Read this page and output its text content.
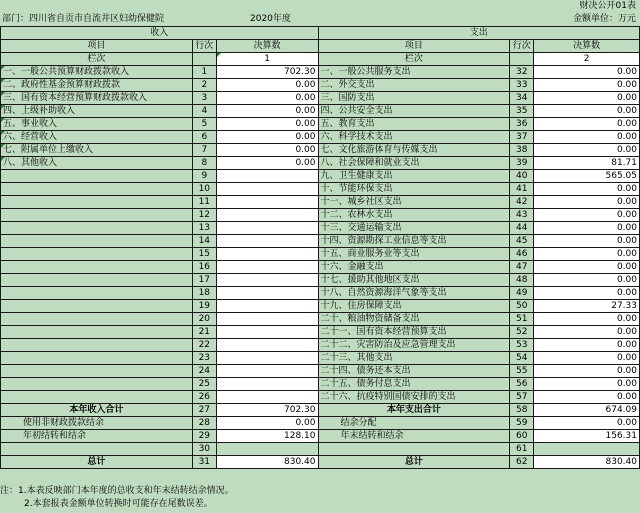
财决公开01表
部门：四川省自贡市自流井区妇幼保健院	2020年度	金额单位：万元
收入			支出		
项目	行次	决算数	项目	行次	决算数
栏次		1	栏次		2
一、一般公共预算财政拨款收入	1	702.30	一、一般公共服务支出	32	0.00
二、政府性基金预算财政拨款	2	0.00	二、外交支出	33	0.00
三、国有资本经营预算财政拨款收入	3	0.00	三、国防支出	34	0.00
四、上级补助收入	4	0.00	四、公共安全支出	35	0.00
五、事业收入	5	0.00	五、教育支出	36	0.00
六、经营收入	6	0.00	六、科学技术支出	37	0.00
七、附属单位上缴收入	7	0.00	七、文化旅游体育与传媒支出	38	0.00
八、其他收入	8	0.00	八、社会保障和就业支出	39	81.71
	9		九、卫生健康支出	40	565.05
	10		十、节能环保支出	41	0.00
	11		十一、城乡社区支出	42	0.00
	12		十二、农林水支出	43	0.00
	13		十三、交通运输支出	44	0.00
	14		十四、资源勘探工业信息等支出	45	0.00
	15		十五、商业服务业等支出	46	0.00
	16		十六、金融支出	47	0.00
	17		十七、援助其他地区支出	48	0.00
	18		十八、自然资源海洋气象等支出	49	0.00
	19		十九、住房保障支出	50	27.33
	20		二十、粮油物资储备支出	51	0.00
	21		二十一、国有资本经营预算支出	52	0.00
	22		二十二、灾害防治及应急管理支出	53	0.00
	23		二十三、其他支出	54	0.00
	24		二十四、债务还本支出	55	0.00
	25		二十五、债务付息支出	56	0.00
	26		二十六、抗疫特别国债安排的支出	57	0.00
本年收入合计	27	702.30	本年支出合计	58	674.09
使用非财政拨款结余	28	0.00	结余分配	59	0.00
年初结转和结余	29	128.10	年末结转和结余	60	156.31
	30			61	
总计	31	830.40	总计	62	830.40
注：1.本表反映部门本年度的总收支和年末结转结余情况。
2.本套报表金额单位转换时可能存在尾数误差。
